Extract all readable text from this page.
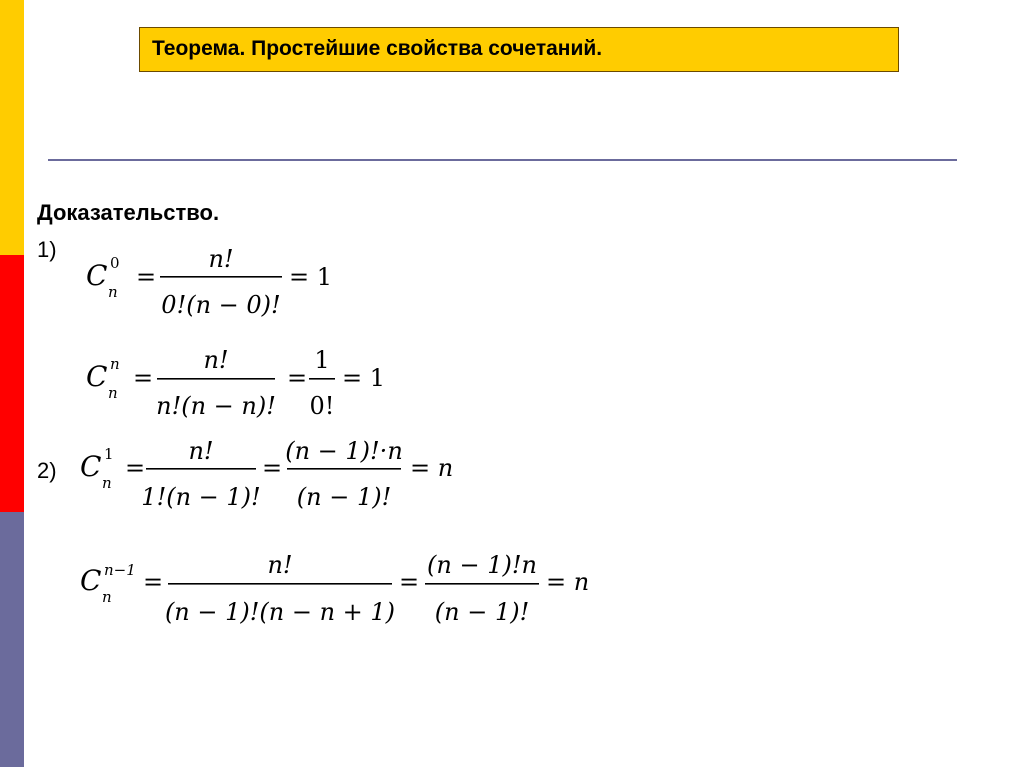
Теорема. Простейшие свойства сочетаний.
Доказательство.
1)
2)
C 0
n
=
n!
0!(n − 0)!
= 1
C n
n
=
n!
n!(n − n)!
=
1
0!
= 1
C 1
n
=
n!
1!(n − 1)!
=
(n − 1)!·n
(n − 1)!
= n
C n−1
n
=
n!
(n − 1)!(n − n + 1)
=
(n − 1)!n
(n − 1)!
= n
